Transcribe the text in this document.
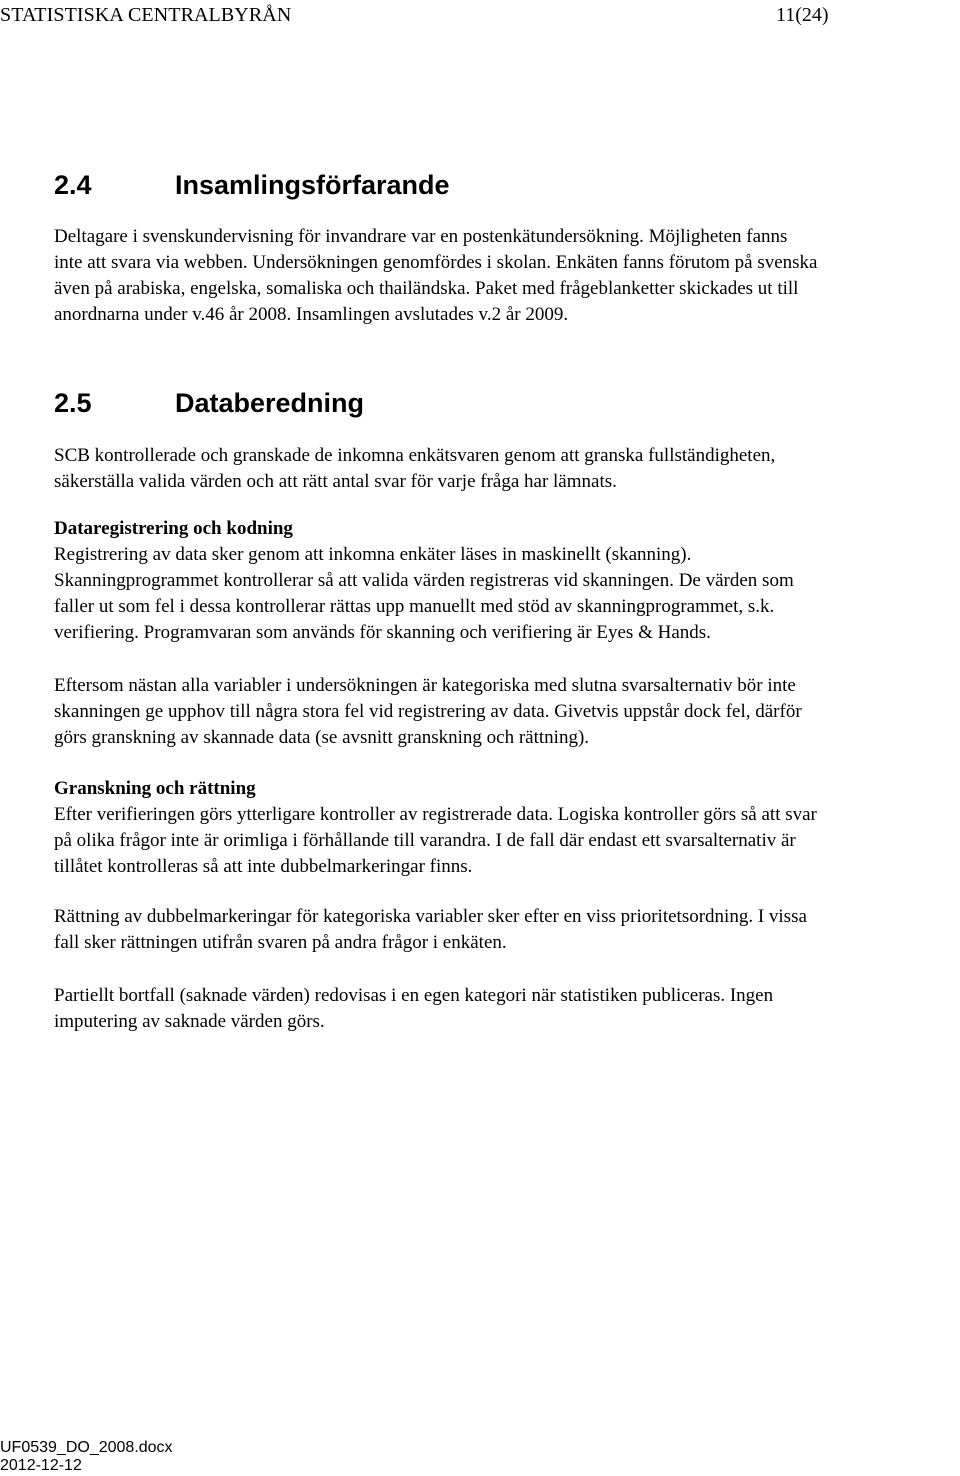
STATISTISKA CENTRALBYRÅN	11(24)
2.4	Insamlingsförfarande

Deltagare i svenskundervisning för invandrare var en postenkätundersökning. Möjligheten fanns
inte att svara via webben. Undersökningen genomfördes i skolan. Enkäten fanns förutom på svenska
även på arabiska, engelska, somaliska och thailändska. Paket med frågeblanketter skickades ut till
anordnarna under v.46 år 2008. Insamlingen avslutades v.2 år 2009.

2.5	Databeredning

SCB kontrollerade och granskade de inkomna enkätsvaren genom att granska fullständigheten,
säkerställa valida värden och att rätt antal svar för varje fråga har lämnats.

Dataregistrering och kodning

Registrering av data sker genom att inkomna enkäter läses in maskinellt (skanning).
Skanningprogrammet kontrollerar så att valida värden registreras vid skanningen. De värden som
faller ut som fel i dessa kontrollerar rättas upp manuellt med stöd av skanningprogrammet, s.k.
verifiering. Programvaran som används för skanning och verifiering är Eyes & Hands.

Eftersom nästan alla variabler i undersökningen är kategoriska med slutna svarsalternativ bör inte
skanningen ge upphov till några stora fel vid registrering av data. Givetvis uppstår dock fel, därför
görs granskning av skannade data (se avsnitt granskning och rättning).

Granskning och rättning

Efter verifieringen görs ytterligare kontroller av registrerade data. Logiska kontroller görs så att svar
på olika frågor inte är orimliga i förhållande till varandra. I de fall där endast ett svarsalternativ är
tillåtet kontrolleras så att inte dubbelmarkeringar finns.

Rättning av dubbelmarkeringar för kategoriska variabler sker efter en viss prioritetsordning. I vissa
fall sker rättningen utifrån svaren på andra frågor i enkäten.

Partiellt bortfall (saknade värden) redovisas i en egen kategori när statistiken publiceras. Ingen
imputering av saknade värden görs.

UF0539_DO_2008.docx
2012-12-12
